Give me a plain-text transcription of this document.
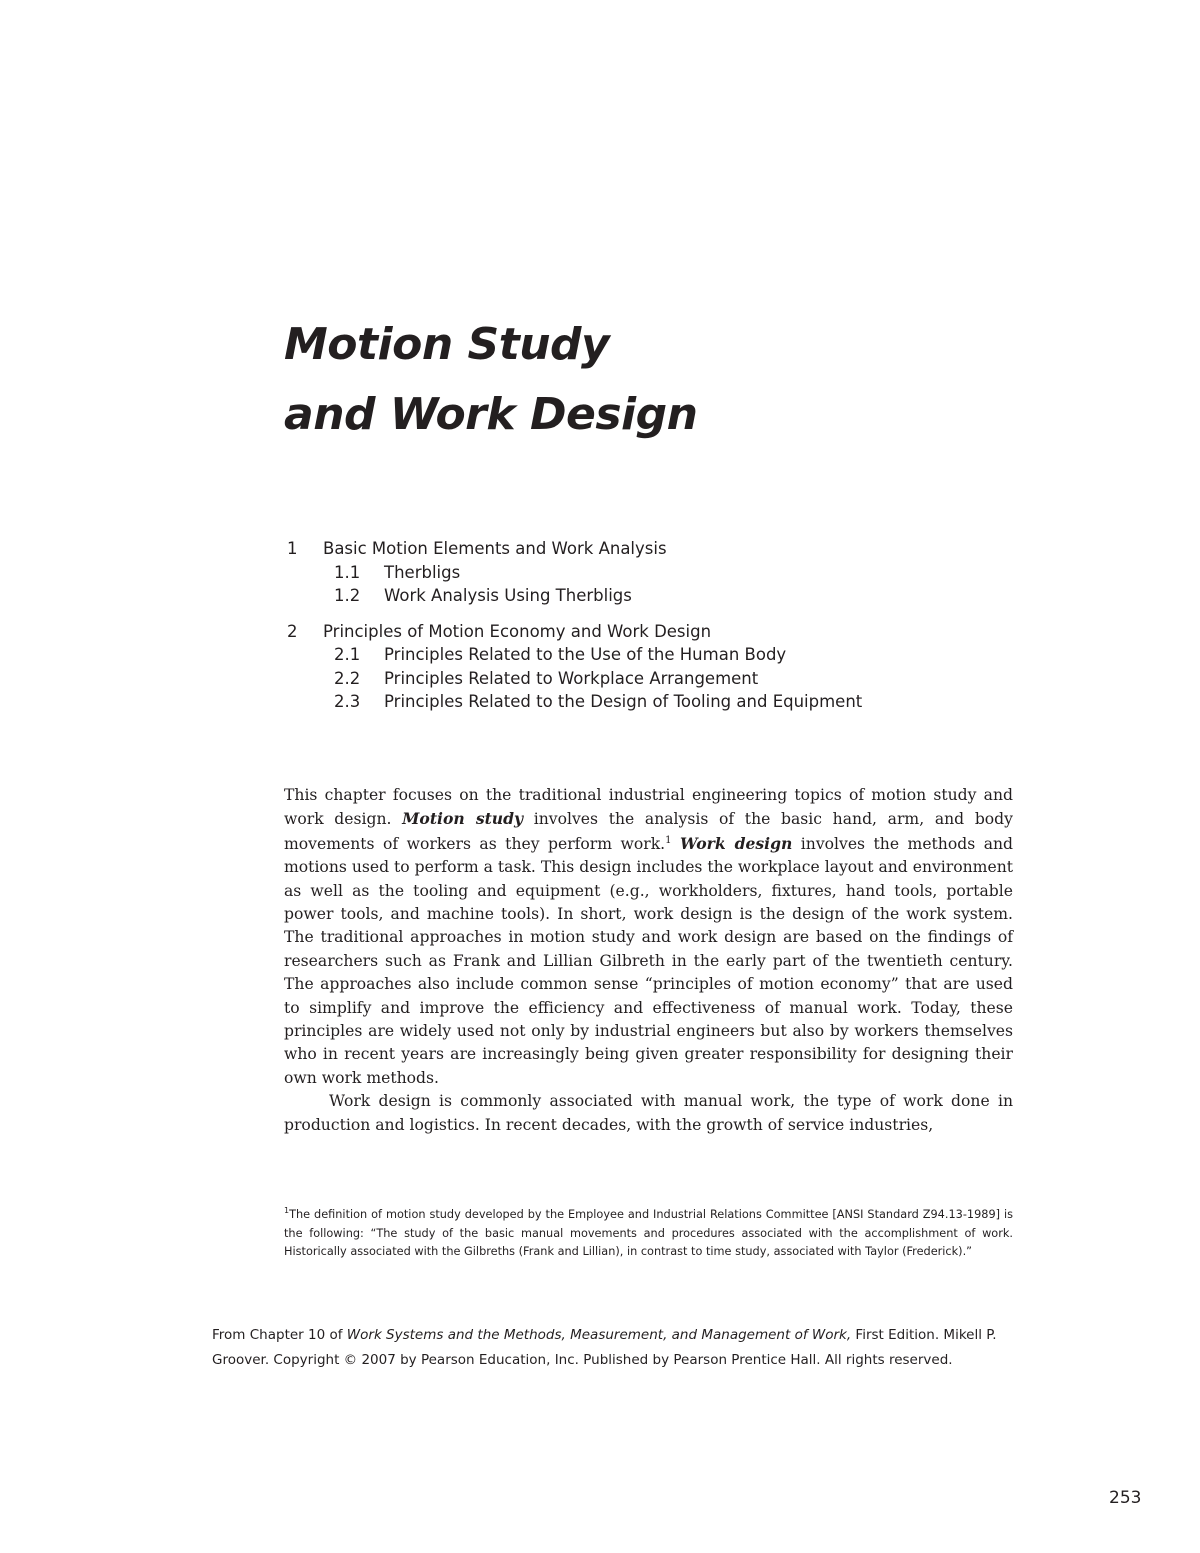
Motion Study
and Work Design
1 Basic Motion Elements and Work Analysis
1.1 Therbligs
1.2 Work Analysis Using Therbligs
2 Principles of Motion Economy and Work Design
2.1 Principles Related to the Use of the Human Body
2.2 Principles Related to Workplace Arrangement
2.3 Principles Related to the Design of Tooling and Equipment

This chapter focuses on the traditional industrial engineering topics of motion study and work design. Motion study involves the analysis of the basic hand, arm, and body movements of workers as they perform work.$^1$ Work design involves the methods and motions used to perform a task. This design includes the workplace layout and environment as well as the tooling and equipment (e.g., workholders, fixtures, hand tools, portable power tools, and machine tools). In short, work design is the design of the work system. The traditional approaches in motion study and work design are based on the findings of researchers such as Frank and Lillian Gilbreth in the early part of the twentieth century. The approaches also include common sense “principles of motion economy” that are used to simplify and improve the efficiency and effectiveness of manual work. Today, these principles are widely used not only by industrial engineers but also by workers themselves who in recent years are increasingly being given greater responsibility for designing their own work methods.

Work design is commonly associated with manual work, the type of work done in production and logistics. In recent decades, with the growth of service industries,

$^1$The definition of motion study developed by the Employee and Industrial Relations Committee [ANSI Standard Z94.13-1989] is the following: “The study of the basic manual movements and procedures associated with the accomplishment of work. Historically associated with the Gilbreths (Frank and Lillian), in contrast to time study, associated with Taylor (Frederick).”
From Chapter 10 of Work Systems and the Methods, Measurement, and Management of Work, First Edition. Mikell P. Groover. Copyright © 2007 by Pearson Education, Inc. Published by Pearson Prentice Hall. All rights reserved.
253
